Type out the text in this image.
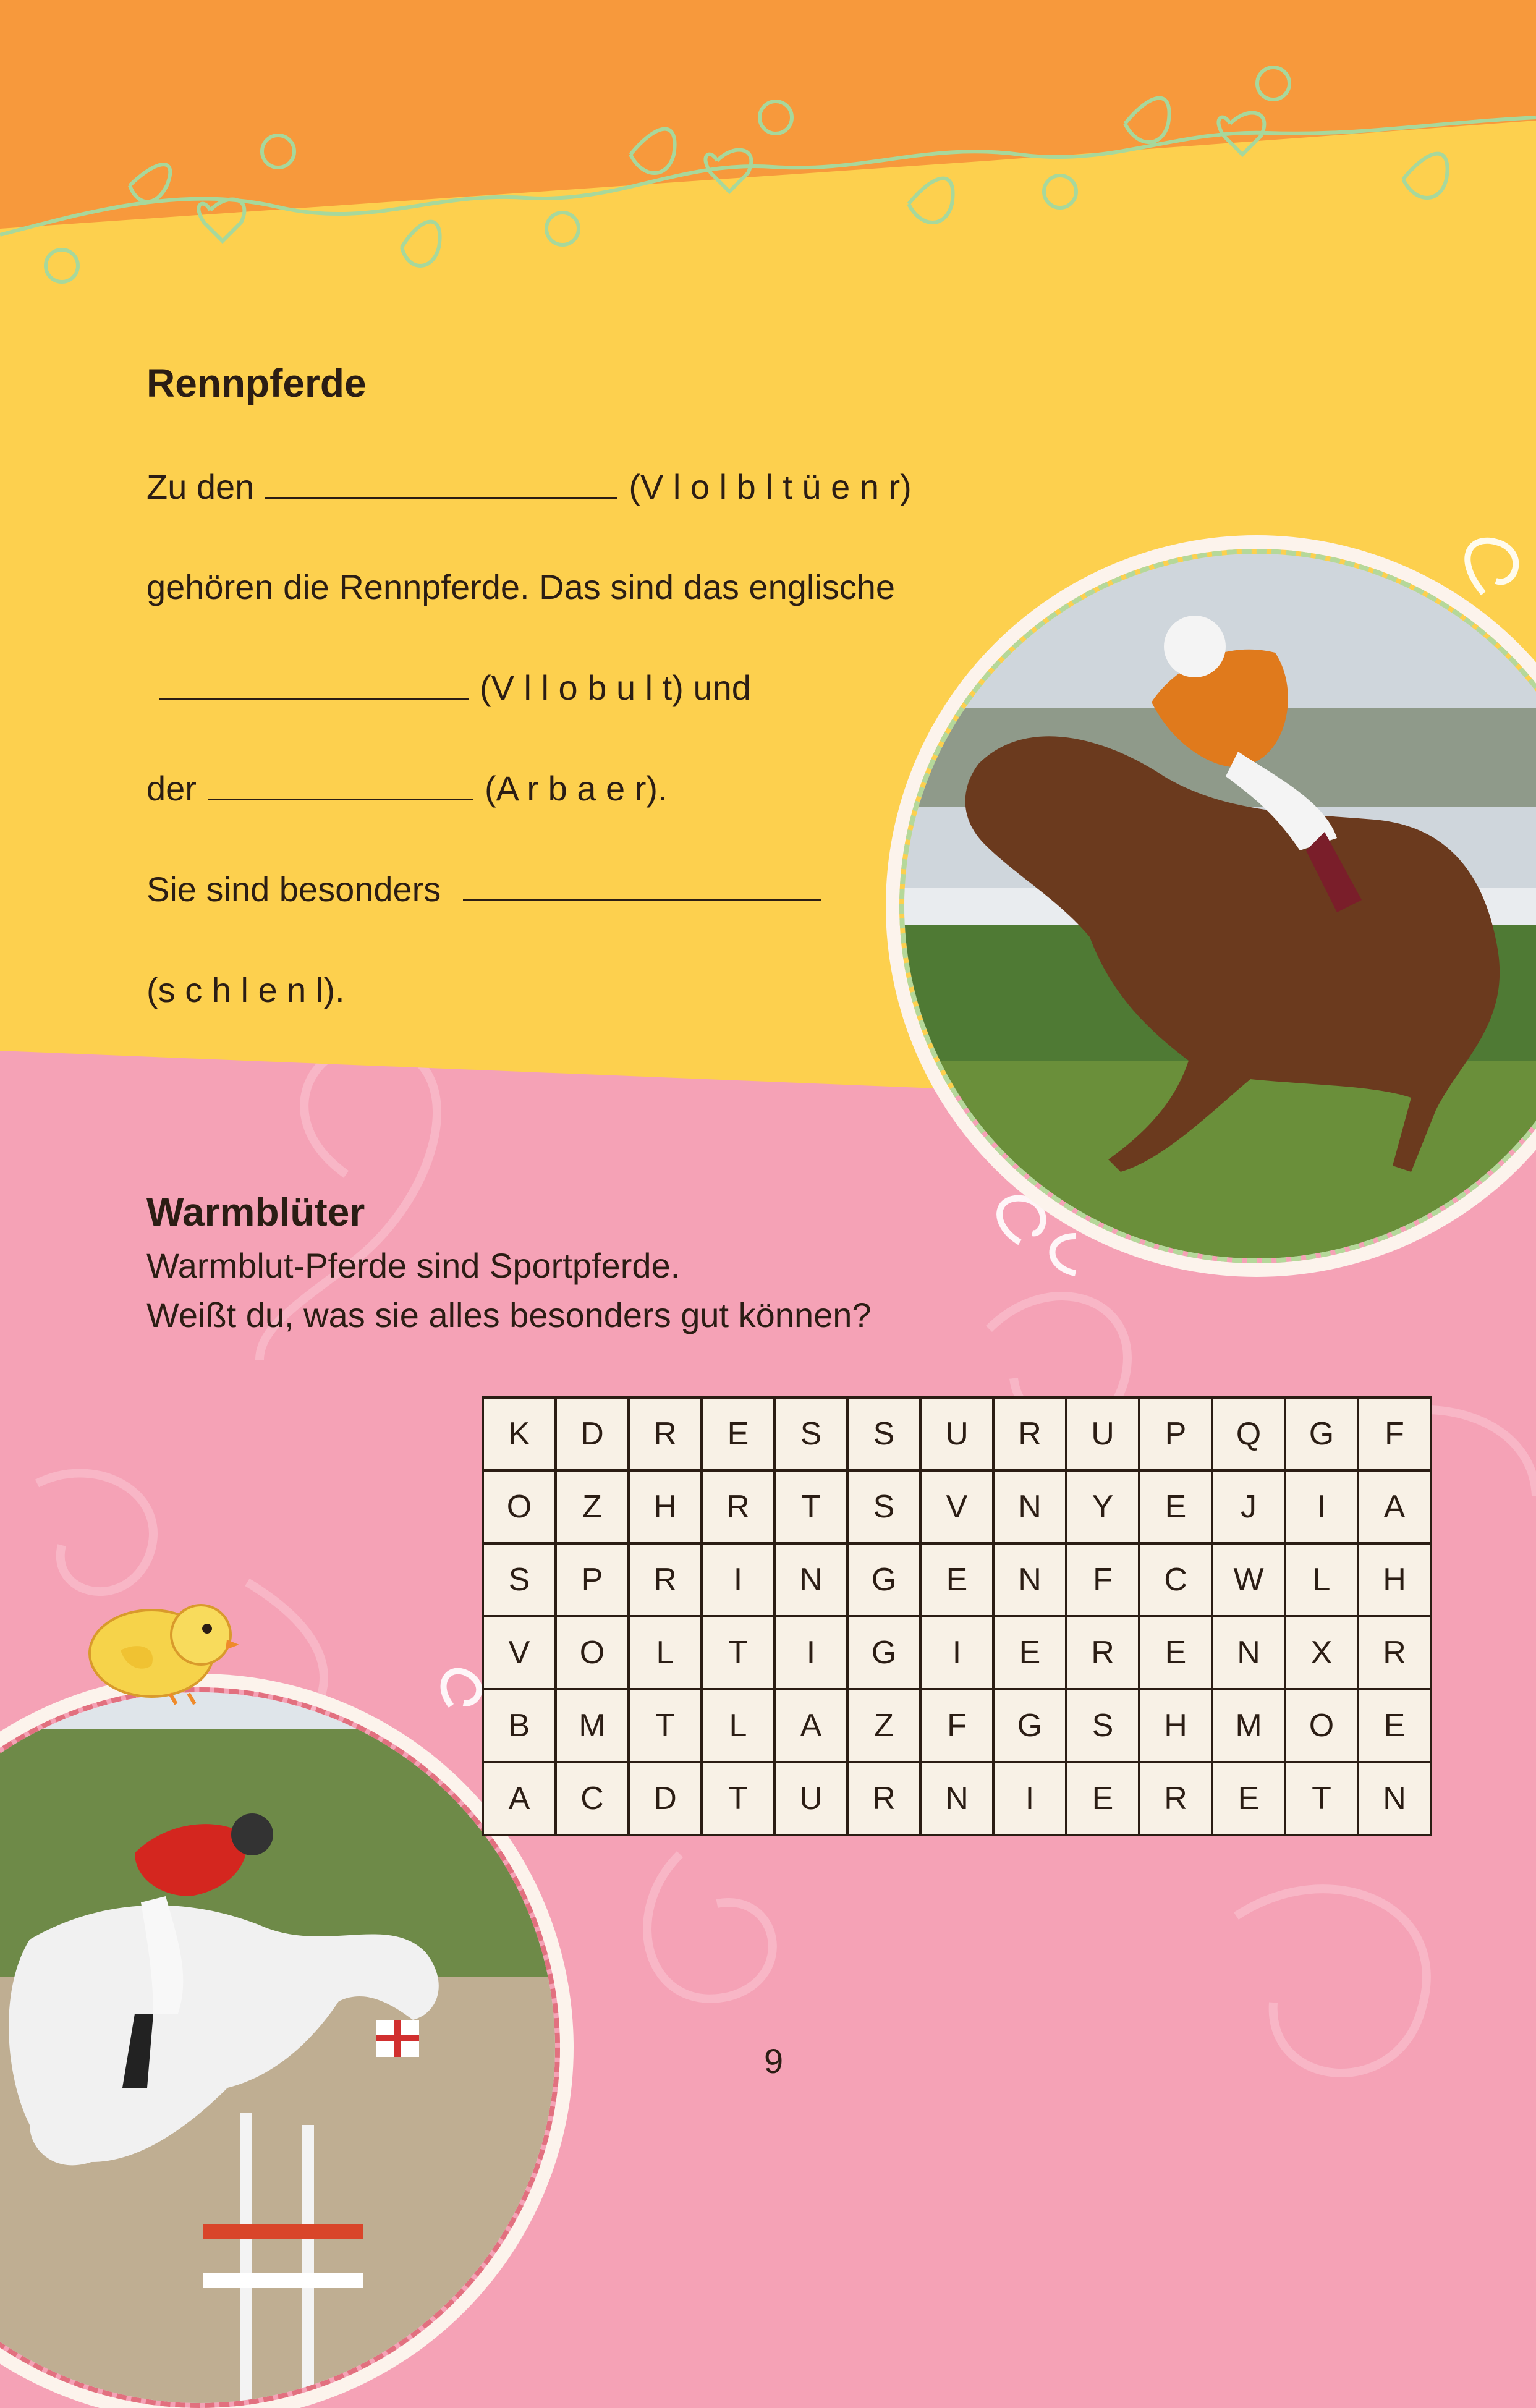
Rennpferde
Zu den	(V l o l b l t ü e n r)
gehören die Rennpferde. Das sind das englische
(V l l o b u l t) und
der	(A r b a e r).
Sie sind besonders
(s c h l e n l).
Warmblüter
Warmblut-Pferde sind Sportpferde.
Weißt du, was sie alles besonders gut können?
K	D	R	E	S	S	U	R	U	P	Q	G	F
O	Z	H	R	T	S	V	N	Y	E	J	I	A
S	P	R	I	N	G	E	N	F	C	W	L	H
V	O	L	T	I	G	I	E	R	E	N	X	R
B	M	T	L	A	Z	F	G	S	H	M	O	E
A	C	D	T	U	R	N	I	E	R	E	T	N
9
